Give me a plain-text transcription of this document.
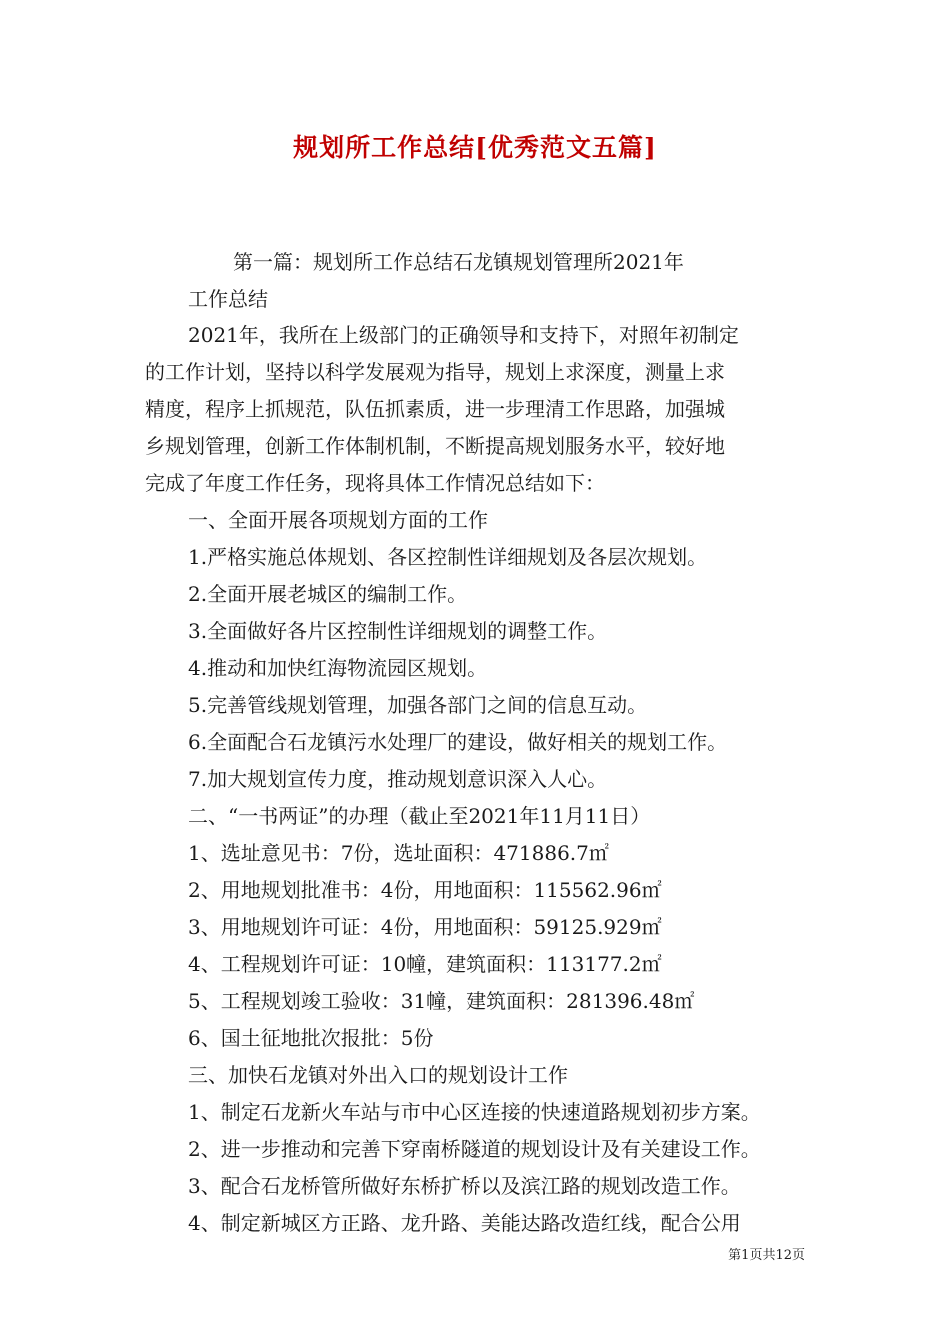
规划所工作总结[优秀范文五篇]
第一篇：规划所工作总结石龙镇规划管理所2021年
工作总结
2021年，我所在上级部门的正确领导和支持下，对照年初制定
的工作计划，坚持以科学发展观为指导，规划上求深度，测量上求
精度，程序上抓规范，队伍抓素质，进一步理清工作思路，加强城
乡规划管理，创新工作体制机制，不断提高规划服务水平，较好地
完成了年度工作任务，现将具体工作情况总结如下：
一、全面开展各项规划方面的工作
1.严格实施总体规划、各区控制性详细规划及各层次规划。
2.全面开展老城区的编制工作。
3.全面做好各片区控制性详细规划的调整工作。
4.推动和加快红海物流园区规划。
5.完善管线规划管理，加强各部门之间的信息互动。
6.全面配合石龙镇污水处理厂的建设，做好相关的规划工作。
7.加大规划宣传力度，推动规划意识深入人心。
二、“一书两证”的办理（截止至2021年11月11日）
1、选址意见书：7份，选址面积：471886.7㎡
2、用地规划批准书：4份，用地面积：115562.96㎡
3、用地规划许可证：4份，用地面积：59125.929㎡
4、工程规划许可证：10幢，建筑面积：113177.2㎡
5、工程规划竣工验收：31幢，建筑面积：281396.48㎡
6、国土征地批次报批：5份
三、加快石龙镇对外出入口的规划设计工作
1、制定石龙新火车站与市中心区连接的快速道路规划初步方案。
2、进一步推动和完善下穿南桥隧道的规划设计及有关建设工作。
3、配合石龙桥管所做好东桥扩桥以及滨江路的规划改造工作。
4、制定新城区方正路、龙升路、美能达路改造红线，配合公用
第1页共12页
